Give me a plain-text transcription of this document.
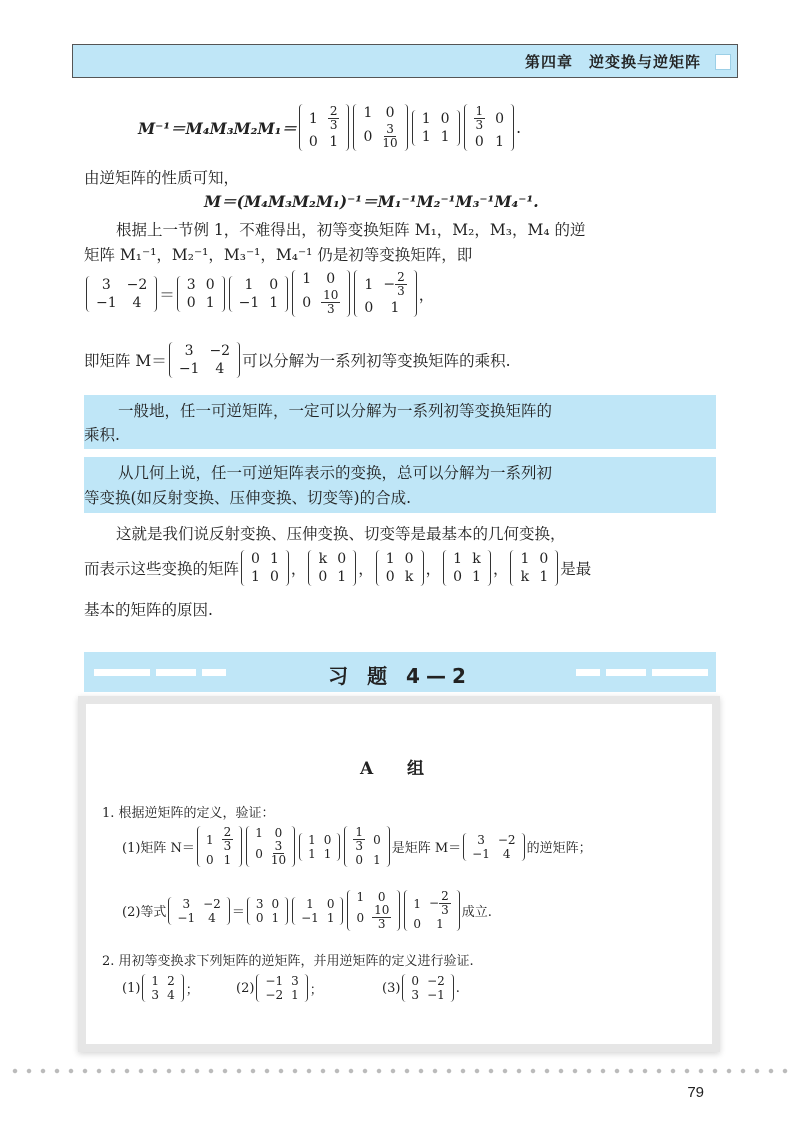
第四章　逆变换与逆矩阵
M⁻¹＝M₄M₃M₂M₁＝ 1	$\frac{2}{3}$

0	1
1	0
0	$\frac{3}{10}$
1	0
1	1
$\frac{1}{3}$	0
0	1
.
由逆矩阵的性质可知，
M＝(M₄M₃M₂M₁)⁻¹＝M₁⁻¹M₂⁻¹M₃⁻¹M₄⁻¹.
根据上一节例 1，不难得出，初等变换矩阵 M₁，M₂，M₃，M₄ 的逆
矩阵 M₁⁻¹，M₂⁻¹，M₃⁻¹，M₄⁻¹ 仍是初等变换矩阵，即
3	−2
−1	4 ＝
3	0
0	1
1	0
−1	1
1	0
0	$\frac{10}{3}$
1	− $\frac{2}{3}$

0	1
，
即矩阵 M＝
3	−2
−1	4 可以分解为一系列初等变换矩阵的乘积.
一般地，任一可逆矩阵，一定可以分解为一系列初等变换矩阵的
乘积.
从几何上说，任一可逆矩阵表示的变换，总可以分解为一系列初
等变换(如反射变换、压伸变换、切变等)的合成.
这就是我们说反射变换、压伸变换、切变等是最基本的几何变换，
而表示这些变换的矩阵
0	1
1	0 ，
k	0
0	1 ，
1	0
0	k ，
1	k
0	1 ，
1	0
k	1 是最
基本的矩阵的原因.
习 题 4—2
A 组
1. 根据逆矩阵的定义，验证：
(1)矩阵 N＝
1	$\frac{2}{3}$

0	1
1	0
0	$\frac{3}{10}$
1	0
1	1
$\frac{1}{3}$	0
0	1
是矩阵 M＝
3	−2
−1	4 的逆矩阵；
(2)等式
3	−2
−1	4 ＝
3	0
0	1
1	0
−1	1
1	0
0	$\frac{10}{3}$
1	− $\frac{2}{3}$

0	1
成立.
2. 用初等变换求下列矩阵的逆矩阵，并用逆矩阵的定义进行验证.
(1) 1	2
3	4 ；	(2) −1	3
−2	1 ；	(3) 0	−2
3	−1 .
79
